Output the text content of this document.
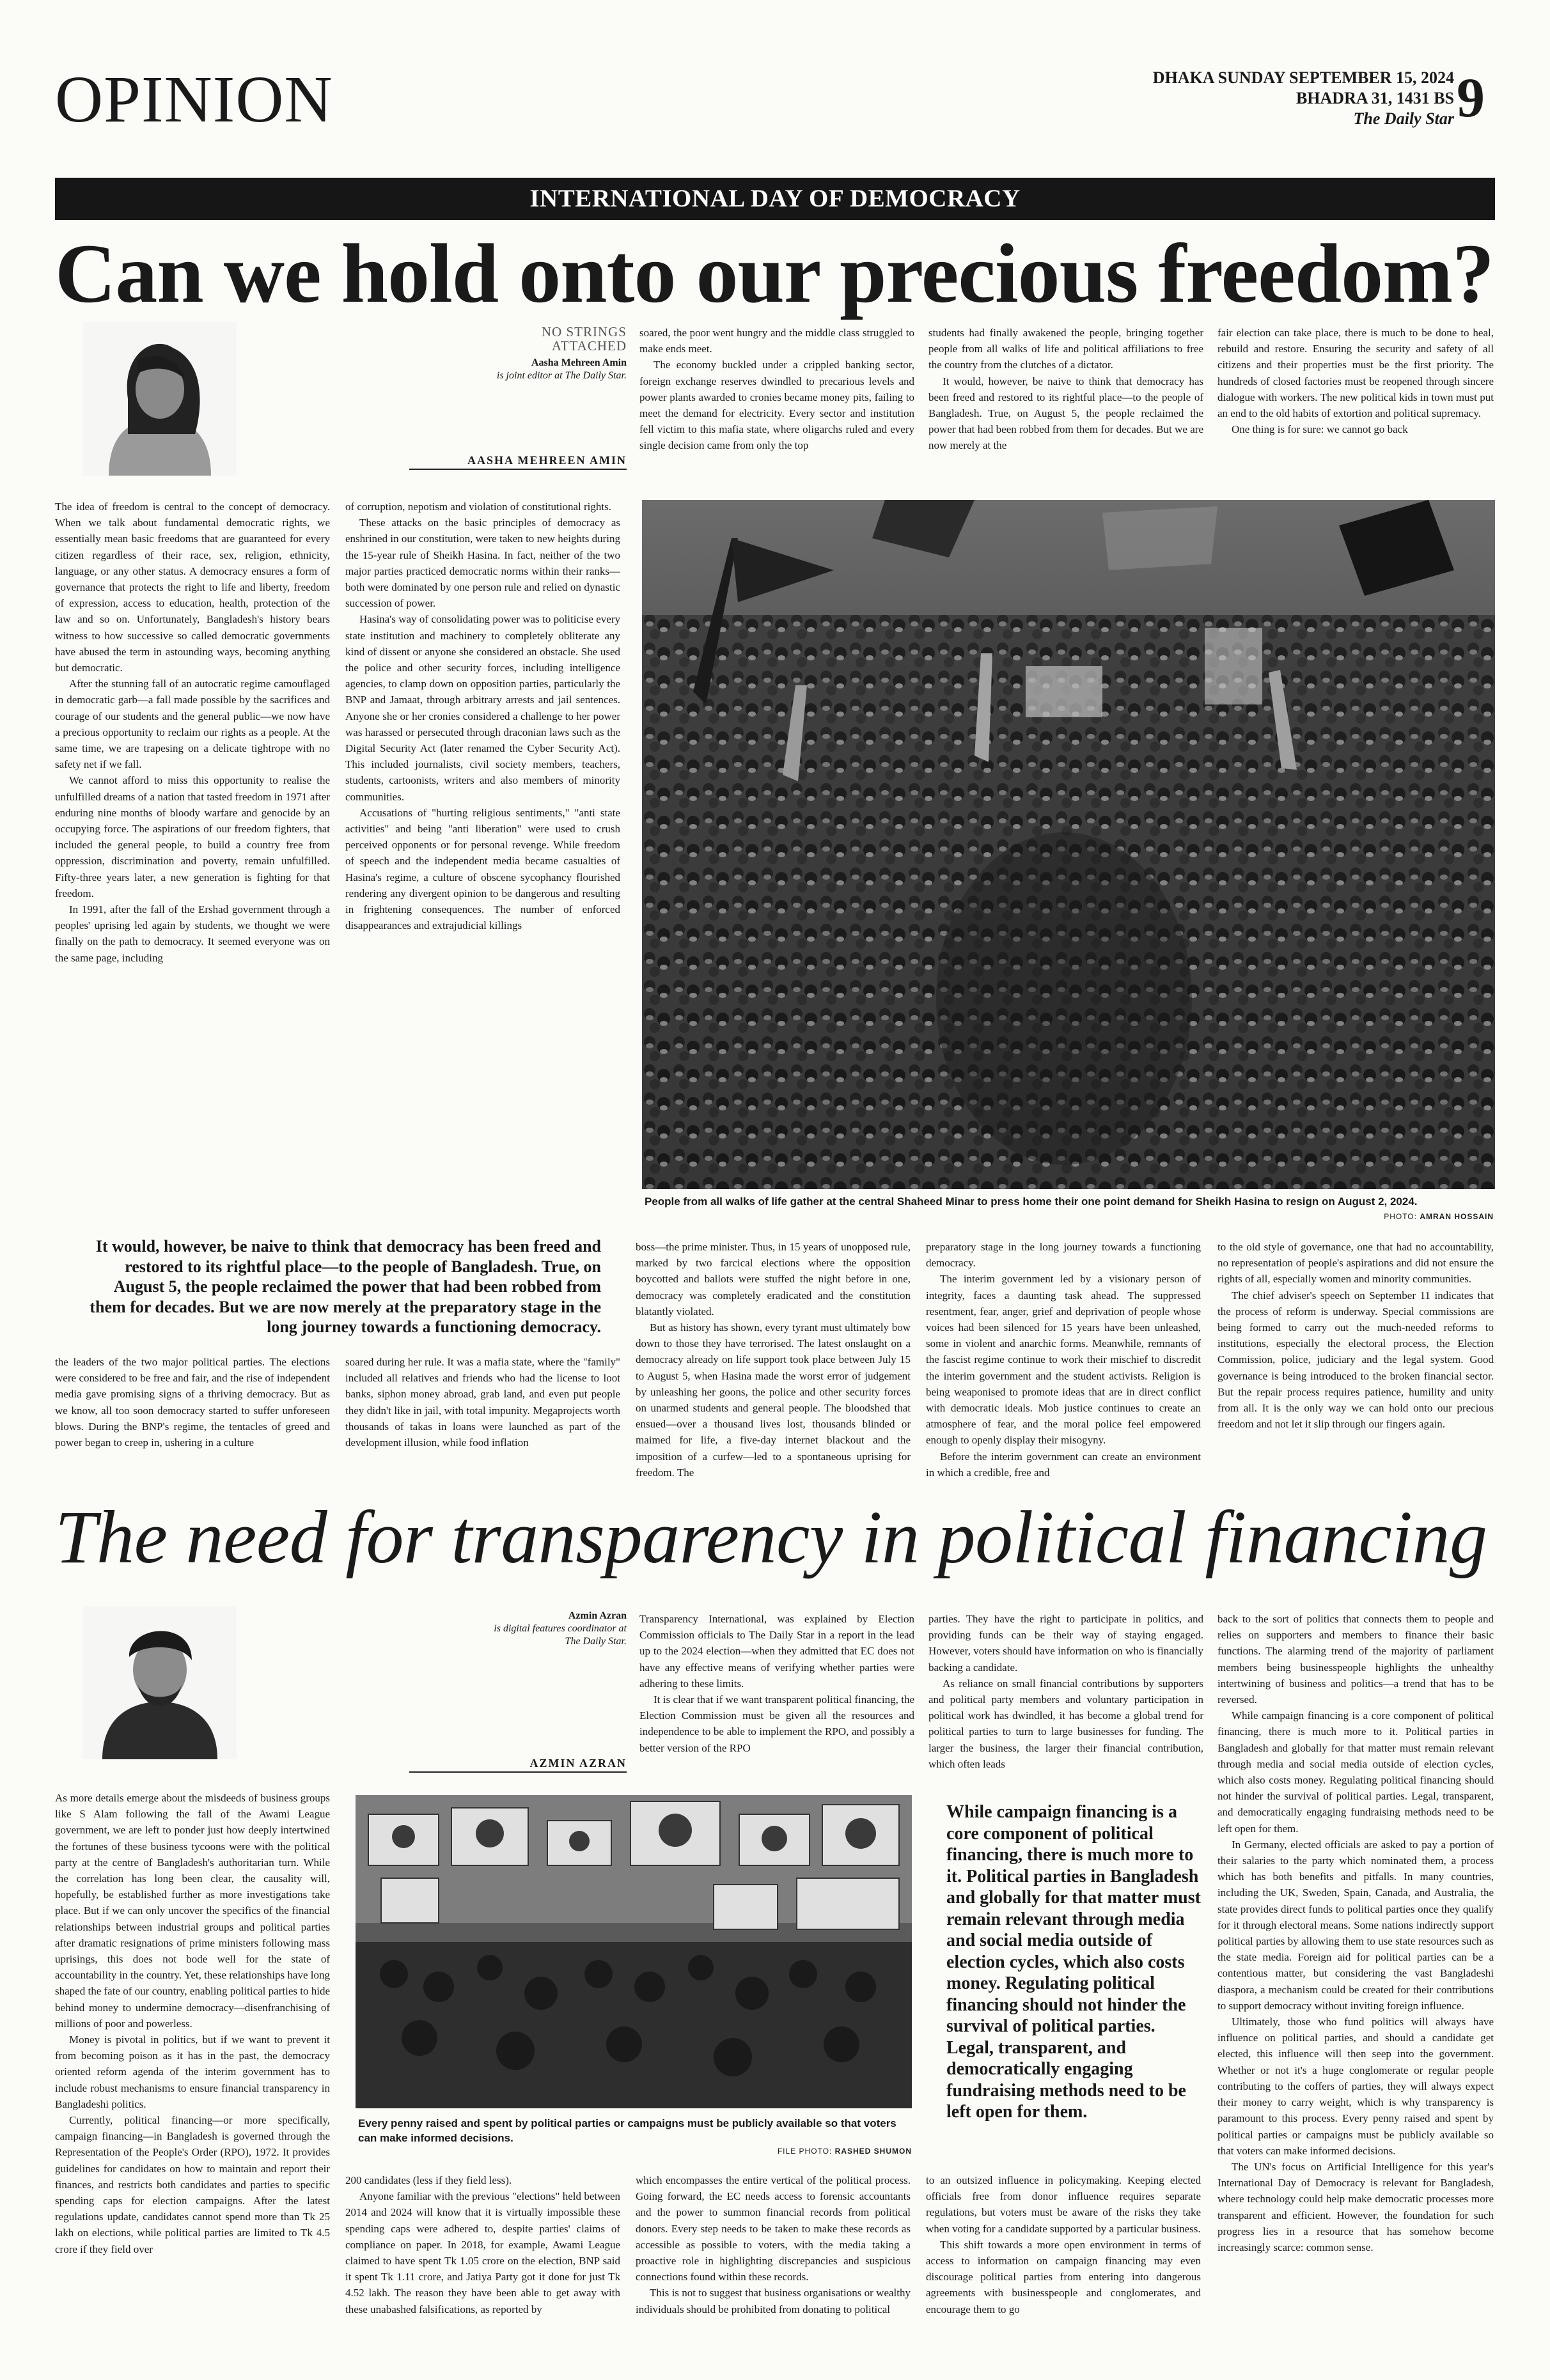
OPINION	DHAKA SUNDAY SEPTEMBER 15, 2024
BHADRA 31, 1431 BS
The Daily Star 9
INTERNATIONAL DAY OF DEMOCRACY
Can we hold onto our precious freedom?
NO STRINGS
ATTACHED
Aasha Mehreen Amin
is joint editor at The Daily Star.
AASHA MEHREEN AMIN

soared, the poor went hungry and the middle class struggled to make ends meet.

The economy buckled under a crippled banking sector, foreign exchange reserves dwindled to precarious levels and power plants awarded to cronies became money pits, failing to meet the demand for electricity. Every sector and institution fell victim to this mafia state, where oligarchs ruled and every single decision came from only the top

students had finally awakened the people, bringing together people from all walks of life and political affiliations to free the country from the clutches of a dictator.

It would, however, be naive to think that democracy has been freed and restored to its rightful place—to the people of Bangladesh. True, on August 5, the people reclaimed the power that had been robbed from them for decades. But we are now merely at the

fair election can take place, there is much to be done to heal, rebuild and restore. Ensuring the security and safety of all citizens and their properties must be the first priority. The hundreds of closed factories must be reopened through sincere dialogue with workers. The new political kids in town must put an end to the old habits of extortion and political supremacy.

One thing is for sure: we cannot go back

The idea of freedom is central to the concept of democracy. When we talk about fundamental democratic rights, we essentially mean basic freedoms that are guaranteed for every citizen regardless of their race, sex, religion, ethnicity, language, or any other status. A democracy ensures a form of governance that protects the right to life and liberty, freedom of expression, access to education, health, protection of the law and so on. Unfortunately, Bangladesh's history bears witness to how successive so called democratic governments have abused the term in astounding ways, becoming anything but democratic.

After the stunning fall of an autocratic regime camouflaged in democratic garb—a fall made possible by the sacrifices and courage of our students and the general public—we now have a precious opportunity to reclaim our rights as a people. At the same time, we are trapesing on a delicate tightrope with no safety net if we fall.

We cannot afford to miss this opportunity to realise the unfulfilled dreams of a nation that tasted freedom in 1971 after enduring nine months of bloody warfare and genocide by an occupying force. The aspirations of our freedom fighters, that included the general people, to build a country free from oppression, discrimination and poverty, remain unfulfilled. Fifty-three years later, a new generation is fighting for that freedom.

In 1991, after the fall of the Ershad government through a peoples' uprising led again by students, we thought we were finally on the path to democracy. It seemed everyone was on the same page, including

of corruption, nepotism and violation of constitutional rights.

These attacks on the basic principles of democracy as enshrined in our constitution, were taken to new heights during the 15-year rule of Sheikh Hasina. In fact, neither of the two major parties practiced democratic norms within their ranks—both were dominated by one person rule and relied on dynastic succession of power.

Hasina's way of consolidating power was to politicise every state institution and machinery to completely obliterate any kind of dissent or anyone she considered an obstacle. She used the police and other security forces, including intelligence agencies, to clamp down on opposition parties, particularly the BNP and Jamaat, through arbitrary arrests and jail sentences. Anyone she or her cronies considered a challenge to her power was harassed or persecuted through draconian laws such as the Digital Security Act (later renamed the Cyber Security Act). This included journalists, civil society members, teachers, students, cartoonists, writers and also members of minority communities.

Accusations of "hurting religious sentiments," "anti state activities" and being "anti liberation" were used to crush perceived opponents or for personal revenge. While freedom of speech and the independent media became casualties of Hasina's regime, a culture of obscene sycophancy flourished rendering any divergent opinion to be dangerous and resulting in frightening consequences. The number of enforced disappearances and extrajudicial killings

People from all walks of life gather at the central Shaheed Minar to press home their one point demand for Sheikh Hasina to resign on August 2, 2024.
PHOTO: AMRAN HOSSAIN
It would, however, be naive to think that democracy has been freed and restored to its rightful place—to the people of Bangladesh. True, on August 5, the people reclaimed the power that had been robbed from them for decades. But we are now merely at the preparatory stage in the long journey towards a functioning democracy.

the leaders of the two major political parties. The elections were considered to be free and fair, and the rise of independent media gave promising signs of a thriving democracy. But as we know, all too soon democracy started to suffer unforeseen blows. During the BNP's regime, the tentacles of greed and power began to creep in, ushering in a culture

soared during her rule. It was a mafia state, where the "family" included all relatives and friends who had the license to loot banks, siphon money abroad, grab land, and even put people they didn't like in jail, with total impunity. Megaprojects worth thousands of takas in loans were launched as part of the development illusion, while food inflation

boss—the prime minister. Thus, in 15 years of unopposed rule, marked by two farcical elections where the opposition boycotted and ballots were stuffed the night before in one, democracy was completely eradicated and the constitution blatantly violated.

But as history has shown, every tyrant must ultimately bow down to those they have terrorised. The latest onslaught on a democracy already on life support took place between July 15 to August 5, when Hasina made the worst error of judgement by unleashing her goons, the police and other security forces on unarmed students and general people. The bloodshed that ensued—over a thousand lives lost, thousands blinded or maimed for life, a five-day internet blackout and the imposition of a curfew—led to a spontaneous uprising for freedom. The

preparatory stage in the long journey towards a functioning democracy.

The interim government led by a visionary person of integrity, faces a daunting task ahead. The suppressed resentment, fear, anger, grief and deprivation of people whose voices had been silenced for 15 years have been unleashed, some in violent and anarchic forms. Meanwhile, remnants of the fascist regime continue to work their mischief to discredit the interim government and the student activists. Religion is being weaponised to promote ideas that are in direct conflict with democratic ideals. Mob justice continues to create an atmosphere of fear, and the moral police feel empowered enough to openly display their misogyny.

Before the interim government can create an environment in which a credible, free and

to the old style of governance, one that had no accountability, no representation of people's aspirations and did not ensure the rights of all, especially women and minority communities.

The chief adviser's speech on September 11 indicates that the process of reform is underway. Special commissions are being formed to carry out the much-needed reforms to institutions, especially the electoral process, the Election Commission, police, judiciary and the legal system. Good governance is being introduced to the broken financial sector. But the repair process requires patience, humility and unity from all. It is the only way we can hold onto our precious freedom and not let it slip through our fingers again.

The need for transparency in political financing
Azmin Azran
is digital features coordinator at
The Daily Star.
AZMIN AZRAN

Transparency International, was explained by Election Commission officials to The Daily Star in a report in the lead up to the 2024 election—when they admitted that EC does not have any effective means of verifying whether parties were adhering to these limits.

It is clear that if we want transparent political financing, the Election Commission must be given all the resources and independence to be able to implement the RPO, and possibly a better version of the RPO

parties. They have the right to participate in politics, and providing funds can be their way of staying engaged. However, voters should have information on who is financially backing a candidate.

As reliance on small financial contributions by supporters and political party members and voluntary participation in political work has dwindled, it has become a global trend for political parties to turn to large businesses for funding. The larger the business, the larger their financial contribution, which often leads

back to the sort of politics that connects them to people and relies on supporters and members to finance their basic functions. The alarming trend of the majority of parliament members being businesspeople highlights the unhealthy intertwining of business and politics—a trend that has to be reversed.

While campaign financing is a core component of political financing, there is much more to it. Political parties in Bangladesh and globally for that matter must remain relevant through media and social media outside of election cycles, which also costs money. Regulating political financing should not hinder the survival of political parties. Legal, transparent, and democratically engaging fundraising methods need to be left open for them.

In Germany, elected officials are asked to pay a portion of their salaries to the party which nominated them, a process which has both benefits and pitfalls. In many countries, including the UK, Sweden, Spain, Canada, and Australia, the state provides direct funds to political parties once they qualify for it through electoral means. Some nations indirectly support political parties by allowing them to use state resources such as the state media. Foreign aid for political parties can be a contentious matter, but considering the vast Bangladeshi diaspora, a mechanism could be created for their contributions to support democracy without inviting foreign influence.

Ultimately, those who fund politics will always have influence on political parties, and should a candidate get elected, this influence will then seep into the government. Whether or not it's a huge conglomerate or regular people contributing to the coffers of parties, they will always expect their money to carry weight, which is why transparency is paramount to this process. Every penny raised and spent by political parties or campaigns must be publicly available so that voters can make informed decisions.

The UN's focus on Artificial Intelligence for this year's International Day of Democracy is relevant for Bangladesh, where technology could help make democratic processes more transparent and efficient. However, the foundation for such progress lies in a resource that has somehow become increasingly scarce: common sense.

As more details emerge about the misdeeds of business groups like S Alam following the fall of the Awami League government, we are left to ponder just how deeply intertwined the fortunes of these business tycoons were with the political party at the centre of Bangladesh's authoritarian turn. While the correlation has long been clear, the causality will, hopefully, be established further as more investigations take place. But if we can only uncover the specifics of the financial relationships between industrial groups and political parties after dramatic resignations of prime ministers following mass uprisings, this does not bode well for the state of accountability in the country. Yet, these relationships have long shaped the fate of our country, enabling political parties to hide behind money to undermine democracy—disenfranchising of millions of poor and powerless.

Money is pivotal in politics, but if we want to prevent it from becoming poison as it has in the past, the democracy oriented reform agenda of the interim government has to include robust mechanisms to ensure financial transparency in Bangladeshi politics.

Currently, political financing—or more specifically, campaign financing—in Bangladesh is governed through the Representation of the People's Order (RPO), 1972. It provides guidelines for candidates on how to maintain and report their finances, and restricts both candidates and parties to specific spending caps for election campaigns. After the latest regulations update, candidates cannot spend more than Tk 25 lakh on elections, while political parties are limited to Tk 4.5 crore if they field over

Every penny raised and spent by political parties or campaigns must be publicly available so that voters can make informed decisions.
FILE PHOTO: RASHED SHUMON
While campaign financing is a core component of political financing, there is much more to it. Political parties in Bangladesh and globally for that matter must remain relevant through media and social media outside of election cycles, which also costs money. Regulating political financing should not hinder the survival of political parties. Legal, transparent, and democratically engaging fundraising methods need to be left open for them.

200 candidates (less if they field less).

Anyone familiar with the previous "elections" held between 2014 and 2024 will know that it is virtually impossible these spending caps were adhered to, despite parties' claims of compliance on paper. In 2018, for example, Awami League claimed to have spent Tk 1.05 crore on the election, BNP said it spent Tk 1.11 crore, and Jatiya Party got it done for just Tk 4.52 lakh. The reason they have been able to get away with these unabashed falsifications, as reported by

which encompasses the entire vertical of the political process. Going forward, the EC needs access to forensic accountants and the power to summon financial records from political donors. Every step needs to be taken to make these records as accessible as possible to voters, with the media taking a proactive role in highlighting discrepancies and suspicious connections found within these records.

This is not to suggest that business organisations or wealthy individuals should be prohibited from donating to political

to an outsized influence in policymaking. Keeping elected officials free from donor influence requires separate regulations, but voters must be aware of the risks they take when voting for a candidate supported by a particular business.

This shift towards a more open environment in terms of access to information on campaign financing may even discourage political parties from entering into dangerous agreements with businesspeople and conglomerates, and encourage them to go
